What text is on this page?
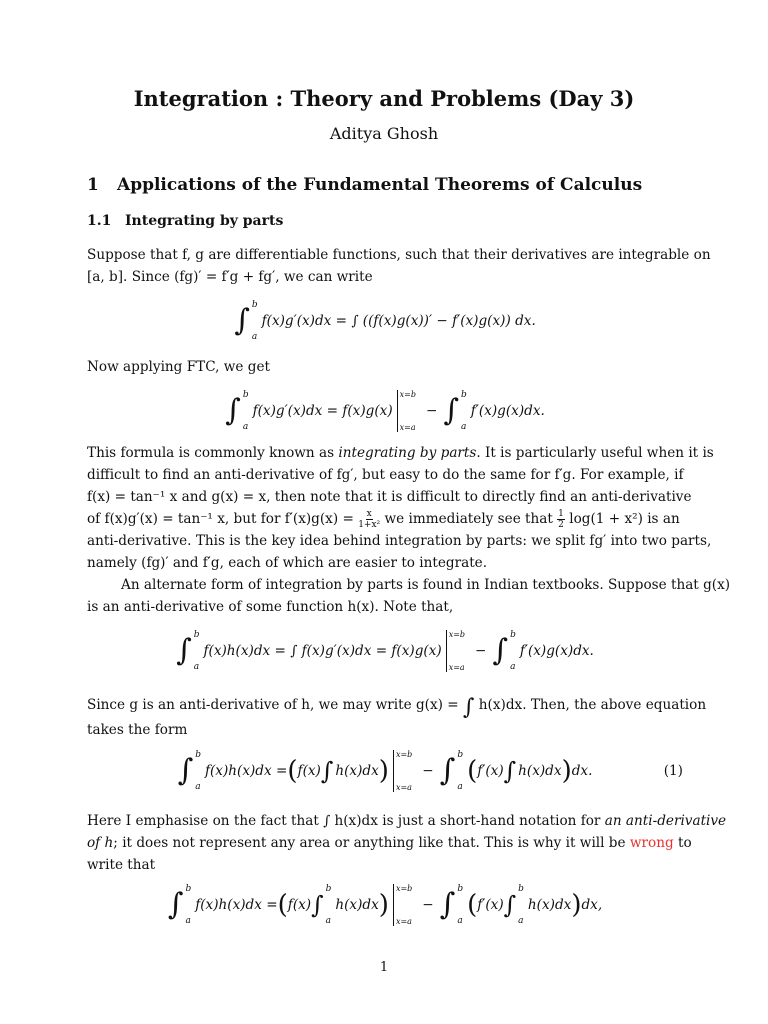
Integration : Theory and Problems (Day 3)
Aditya Ghosh
1 Applications of the Fundamental Theorems of Calculus
1.1 Integrating by parts
Suppose that f, g are differentiable functions, such that their derivatives are integrable on
[a, b]. Since (fg)′ = f′g + fg′, we can write
∫ b
a
f(x)g′(x)dx = ∫ ((f(x)g(x))′ − f′(x)g(x)) dx.
Now applying FTC, we get
∫ b
a
f(x)g′(x)dx = f(x)g(x)
x=b
x=a
− ∫ b
a
f′(x)g(x)dx.
This formula is commonly known as integrating by parts. It is particularly useful when it is
difficult to find an anti-derivative of fg′, but easy to do the same for f′g. For example, if
f(x) = tan⁻¹ x and g(x) = x, then note that it is difficult to directly find an anti-derivative
of f(x)g′(x) = tan⁻¹ x, but for $f'(x)g(x) = \frac{x}{\text{1+x²}}$ we immediately see that $\frac{1}{2} \log(1 + x^2)$ is an
anti-derivative. This is the key idea behind integration by parts: we split fg′ into two parts,
namely (fg)′ and f′g, each of which are easier to integrate.
An alternate form of integration by parts is found in Indian textbooks. Suppose that g(x)
is an anti-derivative of some function h(x). Note that,
∫ b
a
f(x)h(x)dx = ∫ f(x)g′(x)dx = f(x)g(x)
x=b
x=a
− ∫ b
a
f′(x)g(x)dx.
Since g is an anti-derivative of h, we may write g(x) = ∫ h(x)dx. Then, the above equation
takes the form
∫ b
a
f(x)h(x)dx = ( f(x) ∫ h(x)dx )
x=b
x=a
− ∫ b
a
( f′(x) ∫ h(x)dx ) dx.	(1)
Here I emphasise on the fact that ∫ h(x)dx is just a short-hand notation for an anti-derivative
of h; it does not represent any area or anything like that. This is why it will be wrong to
write that
∫ b
a
f(x)h(x)dx = ( f(x) ∫
b
a
h(x)dx )
x=b
x=a
− ∫ b
a
( f′(x) ∫
b
a
h(x)dx ) dx,
1
